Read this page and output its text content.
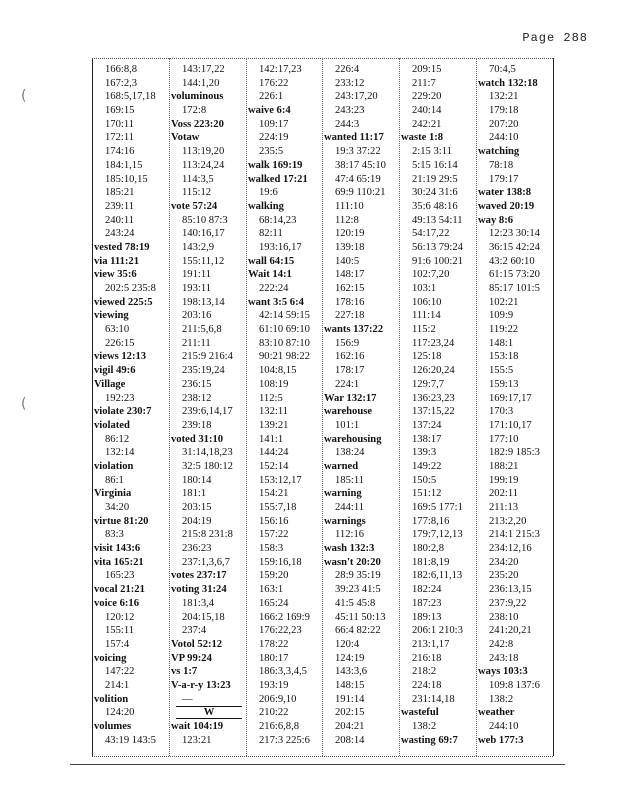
Page 288
(
(
166:8,8
167:2,3
168:5,17,18
169:15
170:11
172:11
174:16
184:1,15
185:10,15
185:21
239:11
240:11
243:24
vested 78:19
via 111:21
view 35:6
202:5 235:8
viewed 225:5
viewing
63:10
226:15
views 12:13
vigil 49:6
Village
192:23
violate 230:7
violated
86:12
132:14
violation
86:1
Virginia
34:20
virtue 81:20
83:3
visit 143:6
vita 165:21
165:23
vocal 21:21
voice 6:16
120:12
155:11
157:4
voicing
147:22
214:1
volition
124:20
volumes
43:19 143:5
143:17,22
144:1,20
voluminous
172:8
Voss 223:20
Votaw
113:19,20
113:24,24
114:3,5
115:12
vote 57:24
85:10 87:3
140:16,17
143:2,9
155:11,12
191:11
193:11
198:13,14
203:16
211:5,6,8
211:11
215:9 216:4
235:19,24
236:15
238:12
239:6,14,17
239:18
voted 31:10
31:14,18,23
32:5 180:12
180:14
181:1
203:15
204:19
215:8 231:8
236:23
237:1,3,6,7
votes 237:17
voting 31:24
181:3,4
204:15,18
237:4
Votol 52:12
VP 99:24
vs 1:7
V-a-r-y 13:23
—
W
wait 104:19
123:21
142:17,23
176:22
226:1
waive 6:4
109:17
224:19
235:5
walk 169:19
walked 17:21
19:6
walking
68:14,23
82:11
193:16,17
wall 64:15
Wait 14:1
222:24
want 3:5 6:4
42:14 59:15
61:10 69:10
83:10 87:10
90:21 98:22
104:8,15
108:19
112:5
132:11
139:21
141:1
144:24
152:14
153:12,17
154:21
155:7,18
156:16
157:22
158:3
159:16,18
159:20
163:1
165:24
166:2 169:9
176:22,23
178:22
180:17
186:3,3,4,5
193:19
206:9,10
210:22
216:6,8,8
217:3 225:6
226:4
233:12
243:17,20
243:23
244:3
wanted 11:17
19:3 37:22
38:17 45:10
47:4 65:19
69:9 110:21
111:10
112:8
120:19
139:18
140:5
148:17
162:15
178:16
227:18
wants 137:22
156:9
162:16
178:17
224:1
War 132:17
warehouse
101:1
warehousing
138:24
warned
185:11
warning
244:11
warnings
112:16
wash 132:3
wasn't 20:20
28:9 35:19
39:23 41:5
41:5 45:8
45:11 50:13
66:4 82:22
120:4
124:19
143:3,6
148:15
191:14
202:15
204:21
208:14
209:15
211:7
229:20
240:14
242:21
waste 1:8
2:15 3:11
5:15 16:14
21:19 29:5
30:24 31:6
35:6 48:16
49:13 54:11
54:17,22
56:13 79:24
91:6 100:21
102:7,20
103:1
106:10
111:14
115:2
117:23,24
125:18
126:20,24
129:7,7
136:23,23
137:15,22
137:24
138:17
139:3
149:22
150:5
151:12
169:5 177:1
177:8,16
179:7,12,13
180:2,8
181:8,19
182:6,11,13
182:24
187:23
189:13
206:1 210:3
213:1,17
216:18
218:2
224:18
231:14,18
wasteful
138:2
wasting 69:7
70:4,5
watch 132:18
132:21
179:18
207:20
244:10
watching
78:18
179:17
water 138:8
waved 20:19
way 8:6
12:23 30:14
36:15 42:24
43:2 60:10
61:15 73:20
85:17 101:5
102:21
109:9
119:22
148:1
153:18
155:5
159:13
169:17,17
170:3
171:10,17
177:10
182:9 185:3
188:21
199:19
202:11
211:13
213:2,20
214:1 215:3
234:12,16
234:20
235:20
236:13,15
237:9,22
238:10
241:20,21
242:8
243:18
ways 103:3
109:8 137:6
138:2
weather
244:10
web 177:3
